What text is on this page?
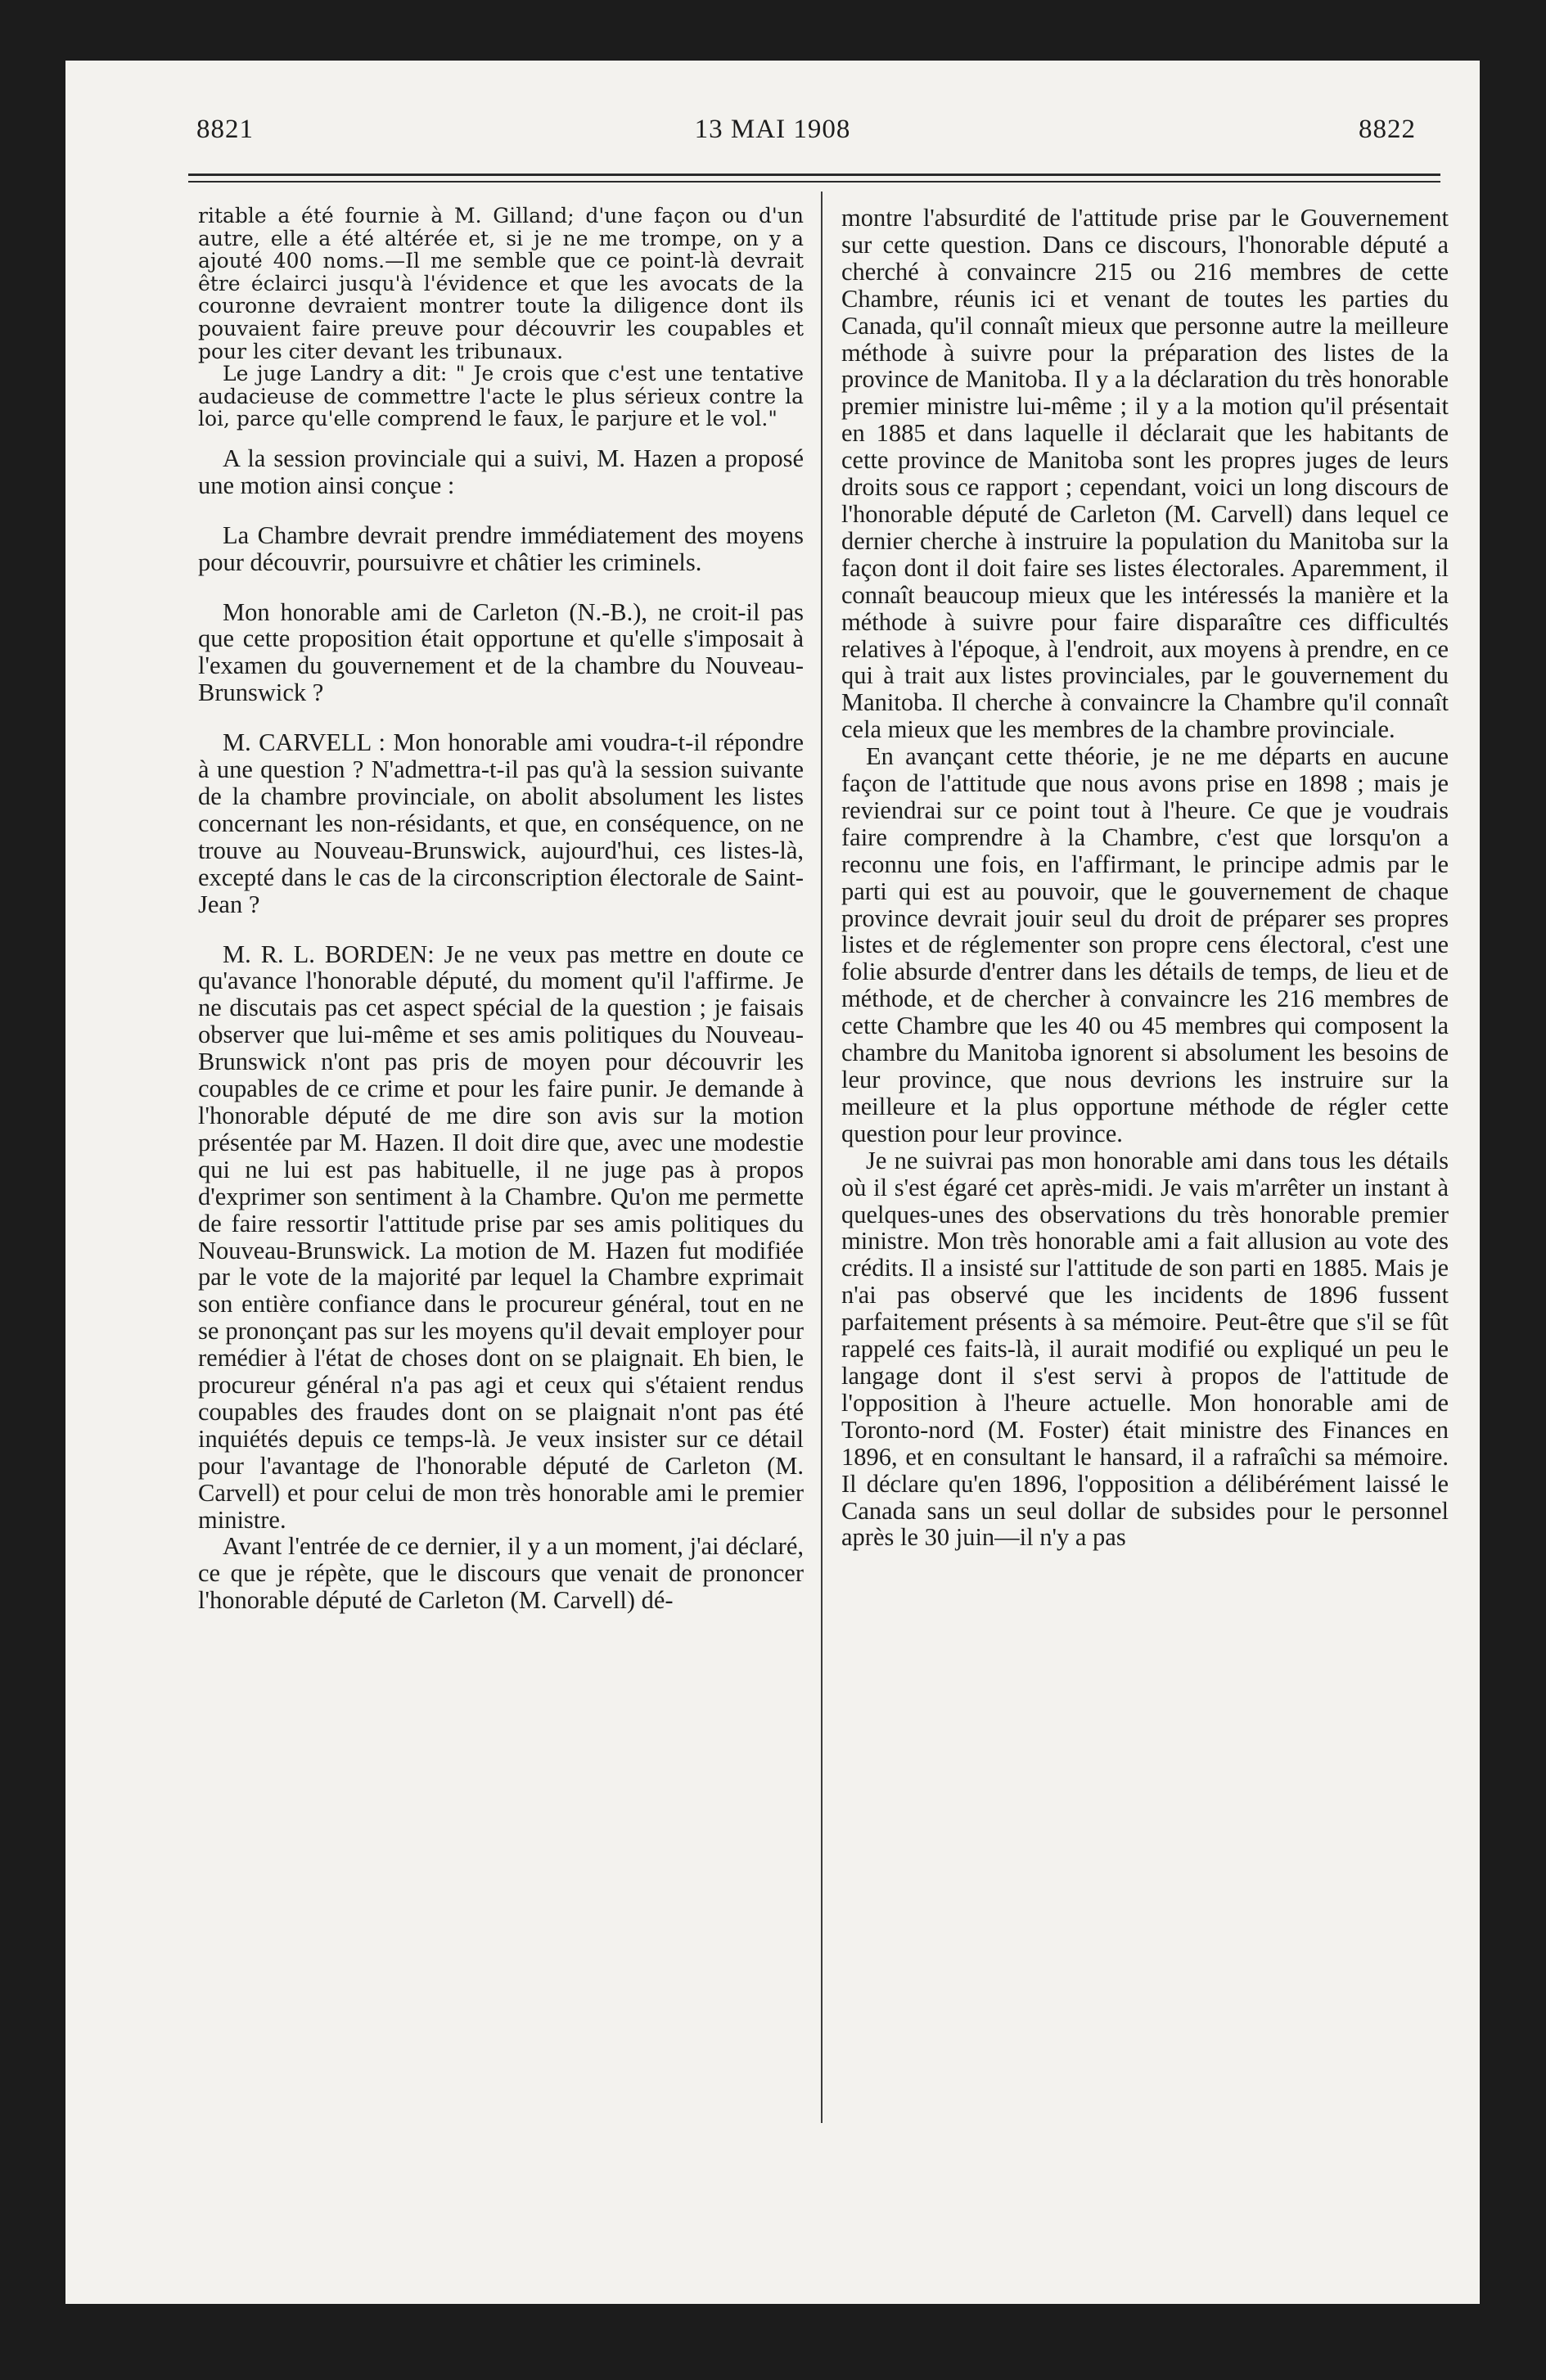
8821	13 MAI 1908	8822

ritable a été fournie à M. Gilland; d'une façon ou d'un autre, elle a été altérée et, si je ne me trompe, on y a ajouté 400 noms.—Il me semble que ce point-là devrait être éclairci jusqu'à l'évidence et que les avocats de la couronne devraient montrer toute la diligence dont ils pouvaient faire preuve pour découvrir les coupables et pour les citer devant les tribunaux.

Le juge Landry a dit: " Je crois que c'est une tentative audacieuse de commettre l'acte le plus sérieux contre la loi, parce qu'elle comprend le faux, le parjure et le vol."

A la session provinciale qui a suivi, M. Hazen a proposé une motion ainsi conçue :

La Chambre devrait prendre immédiatement des moyens pour découvrir, poursuivre et châtier les criminels.

Mon honorable ami de Carleton (N.-B.), ne croit-il pas que cette proposition était opportune et qu'elle s'imposait à l'examen du gouvernement et de la chambre du Nouveau-Brunswick ?

M. CARVELL : Mon honorable ami voudra-t-il répondre à une question ? N'admettra-t-il pas qu'à la session suivante de la chambre provinciale, on abolit absolument les listes concernant les non-résidants, et que, en conséquence, on ne trouve au Nouveau-Brunswick, aujourd'hui, ces listes-là, excepté dans le cas de la circonscription électorale de Saint-Jean ?

M. R. L. BORDEN: Je ne veux pas mettre en doute ce qu'avance l'honorable député, du moment qu'il l'affirme. Je ne discutais pas cet aspect spécial de la question ; je faisais observer que lui-même et ses amis politiques du Nouveau-Brunswick n'ont pas pris de moyen pour découvrir les coupables de ce crime et pour les faire punir. Je demande à l'honorable député de me dire son avis sur la motion présentée par M. Hazen. Il doit dire que, avec une modestie qui ne lui est pas habituelle, il ne juge pas à propos d'exprimer son sentiment à la Chambre. Qu'on me permette de faire ressortir l'attitude prise par ses amis politiques du Nouveau-Brunswick. La motion de M. Hazen fut modifiée par le vote de la majorité par lequel la Chambre exprimait son entière confiance dans le procureur général, tout en ne se prononçant pas sur les moyens qu'il devait employer pour remédier à l'état de choses dont on se plaignait. Eh bien, le procureur général n'a pas agi et ceux qui s'étaient rendus coupables des fraudes dont on se plaignait n'ont pas été inquiétés depuis ce temps-là. Je veux insister sur ce détail pour l'avantage de l'honorable député de Carleton (M. Carvell) et pour celui de mon très honorable ami le premier ministre.

Avant l'entrée de ce dernier, il y a un moment, j'ai déclaré, ce que je répète, que le discours que venait de prononcer l'honorable député de Carleton (M. Carvell) dé-

montre l'absurdité de l'attitude prise par le Gouvernement sur cette question. Dans ce discours, l'honorable député a cherché à convaincre 215 ou 216 membres de cette Chambre, réunis ici et venant de toutes les parties du Canada, qu'il connaît mieux que personne autre la meilleure méthode à suivre pour la préparation des listes de la province de Manitoba. Il y a la déclaration du très honorable premier ministre lui-même ; il y a la motion qu'il présentait en 1885 et dans laquelle il déclarait que les habitants de cette province de Manitoba sont les propres juges de leurs droits sous ce rapport ; cependant, voici un long discours de l'honorable député de Carleton (M. Carvell) dans lequel ce dernier cherche à instruire la population du Manitoba sur la façon dont il doit faire ses listes électorales. Aparemment, il connaît beaucoup mieux que les intéressés la manière et la méthode à suivre pour faire disparaître ces difficultés relatives à l'époque, à l'endroit, aux moyens à prendre, en ce qui à trait aux listes provinciales, par le gouvernement du Manitoba. Il cherche à convaincre la Chambre qu'il connaît cela mieux que les membres de la chambre provinciale.

En avançant cette théorie, je ne me départs en aucune façon de l'attitude que nous avons prise en 1898 ; mais je reviendrai sur ce point tout à l'heure. Ce que je voudrais faire comprendre à la Chambre, c'est que lorsqu'on a reconnu une fois, en l'affirmant, le principe admis par le parti qui est au pouvoir, que le gouvernement de chaque province devrait jouir seul du droit de préparer ses propres listes et de réglementer son propre cens électoral, c'est une folie absurde d'entrer dans les détails de temps, de lieu et de méthode, et de chercher à convaincre les 216 membres de cette Chambre que les 40 ou 45 membres qui composent la chambre du Manitoba ignorent si absolument les besoins de leur province, que nous devrions les instruire sur la meilleure et la plus opportune méthode de régler cette question pour leur province.

Je ne suivrai pas mon honorable ami dans tous les détails où il s'est égaré cet après-midi. Je vais m'arrêter un instant à quelques-unes des observations du très honorable premier ministre. Mon très honorable ami a fait allusion au vote des crédits. Il a insisté sur l'attitude de son parti en 1885. Mais je n'ai pas observé que les incidents de 1896 fussent parfaitement présents à sa mémoire. Peut-être que s'il se fût rappelé ces faits-là, il aurait modifié ou expliqué un peu le langage dont il s'est servi à propos de l'attitude de l'opposition à l'heure actuelle. Mon honorable ami de Toronto-nord (M. Foster) était ministre des Finances en 1896, et en consultant le hansard, il a rafraîchi sa mémoire. Il déclare qu'en 1896, l'opposition a délibérément laissé le Canada sans un seul dollar de subsides pour le personnel après le 30 juin—il n'y a pas
